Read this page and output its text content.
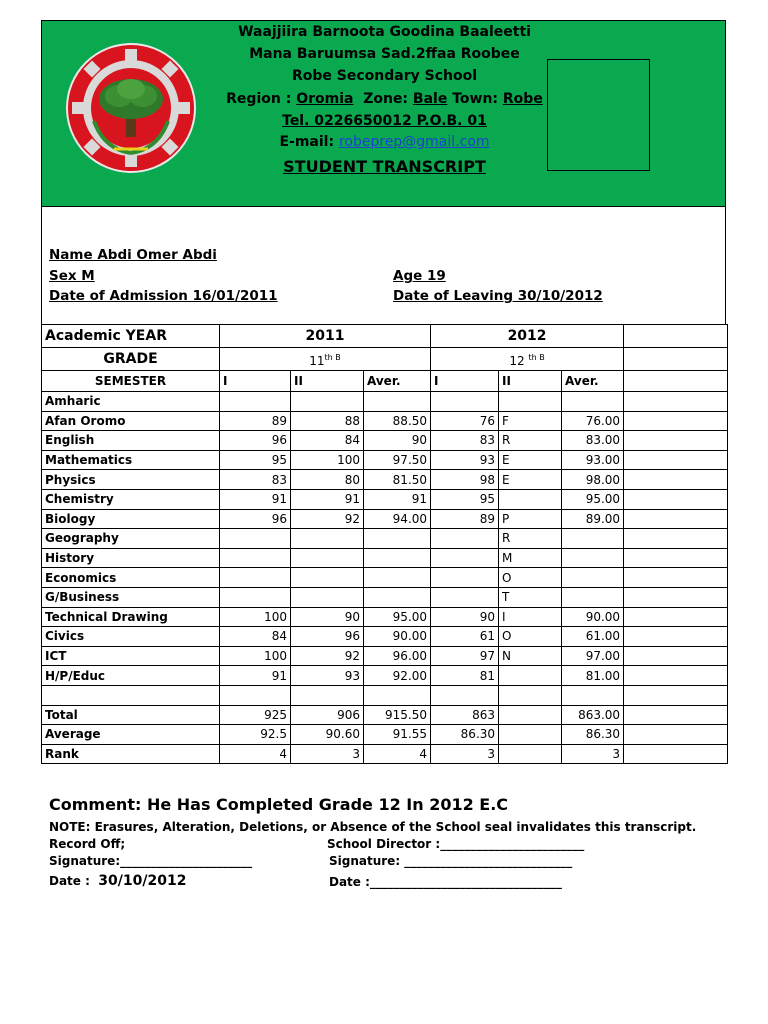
Waajjiira Barnoota Goodina Baaleetti
Mana Baruumsa Sad.2ffaa Roobee
Robe Secondary School
Region : Oromia Zone: Bale Town: Robe
Tel. 0226650012 P.O.B. 01
E-mail: robeprep@gmail.com
STUDENT TRANSCRIPT
Name Abdi Omer Abdi
Sex M	Age 19
Date of Admission 16/01/2011	Date of Leaving 30/10/2012
Academic YEAR	2011			2012			
GRADE	$11^{th B}$			12 $^{th B}$	
SEMESTER	I	II	Aver.	I	II	Aver.	
Amharic							
Afan Oromo	89	88	88.50	76	F	76.00	
English	96	84	90	83	R	83.00	
Mathematics	95	100	97.50	93	E	93.00	
Physics	83	80	81.50	98	E	98.00	
Chemistry	91	91	91	95		95.00	
Biology	96	92	94.00	89	P	89.00	
Geography					R		
History					M		
Economics					O		
G/Business					T		
Technical Drawing	100	90	95.00	90	I	90.00	
Civics	84	96	90.00	61	O	61.00	
ICT	100	92	96.00	97	N	97.00	
H/P/Educ	91	93	92.00	81		81.00	

Total	925	906	915.50	863		863.00	
Average	92.5	90.60	91.55	86.30		86.30	
Rank	4	3	4	3		3	
Comment: He Has Completed Grade 12 In 2012 E.C
NOTE: Erasures, Alteration, Deletions, or Absence of the School seal invalidates this transcript.
Record Off;	School Director :________________________
Signature:______________________	Signature: ____________________________
Date : 30/10/2012	Date :________________________________
